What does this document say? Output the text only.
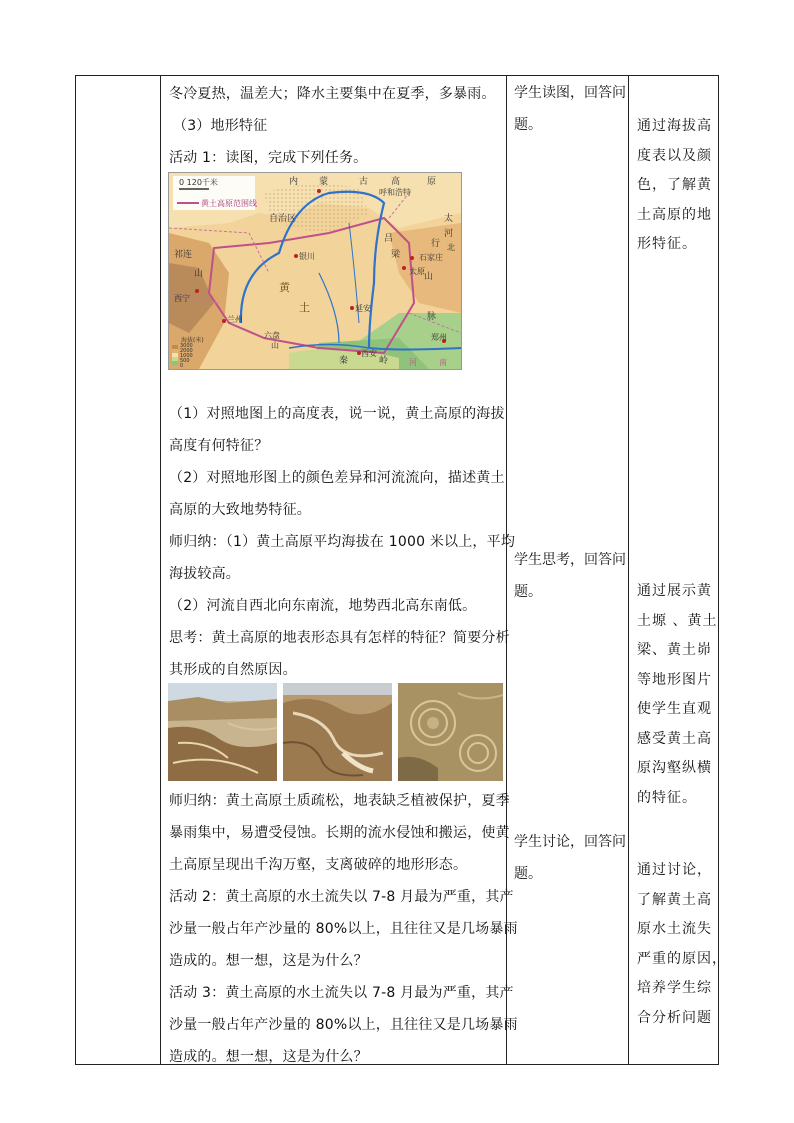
冬冷夏热，温差大；降水主要集中在夏季，多暴雨。
（3）地形特征
活动 1：读图，完成下列任务。
0 120千米
黄土高原范围线
海拔(米)
3000
2000
1000
500
0
内 蒙	古	高	原
呼和浩特
自治区
银川
太
河
行 北
石家庄
太原
吕
梁
山
脉
祁连
山
西宁
兰州
黄
土
六盘
山
延安
西安
秦	岭
郑州
河	南
（1）对照地图上的高度表，说一说，黄土高原的海拔
高度有何特征？
（2）对照地形图上的颜色差异和河流流向，描述黄土
高原的大致地势特征。
师归纳：（1）黄土高原平均海拔在 1000 米以上，平均
海拔较高。
（2）河流自西北向东南流，地势西北高东南低。
思考：黄土高原的地表形态具有怎样的特征？简要分析
其形成的自然原因。
师归纳：黄土高原土质疏松，地表缺乏植被保护，夏季
暴雨集中，易遭受侵蚀。长期的流水侵蚀和搬运，使黄
土高原呈现出千沟万壑，支离破碎的地形形态。
活动 2：黄土高原的水土流失以 7-8 月最为严重，其产
沙量一般占年产沙量的 80%以上，且往往又是几场暴雨
造成的。想一想，这是为什么？
活动 3：黄土高原的水土流失以 7-8 月最为严重，其产
沙量一般占年产沙量的 80%以上，且往往又是几场暴雨
造成的。想一想，这是为什么？
学生读图，回答问
题。
学生思考，回答问
题。
学生讨论，回答问
题。
通过海拔高
度表以及颜
色，了解黄
土高原的地
形特征。
通过展示黄
土塬 、黄土
梁、黄土峁
等地形图片
使学生直观
感受黄土高
原沟壑纵横
的特征。
通过讨论，
了解黄土高
原水土流失
严重的原因，
培养学生综
合分析问题
